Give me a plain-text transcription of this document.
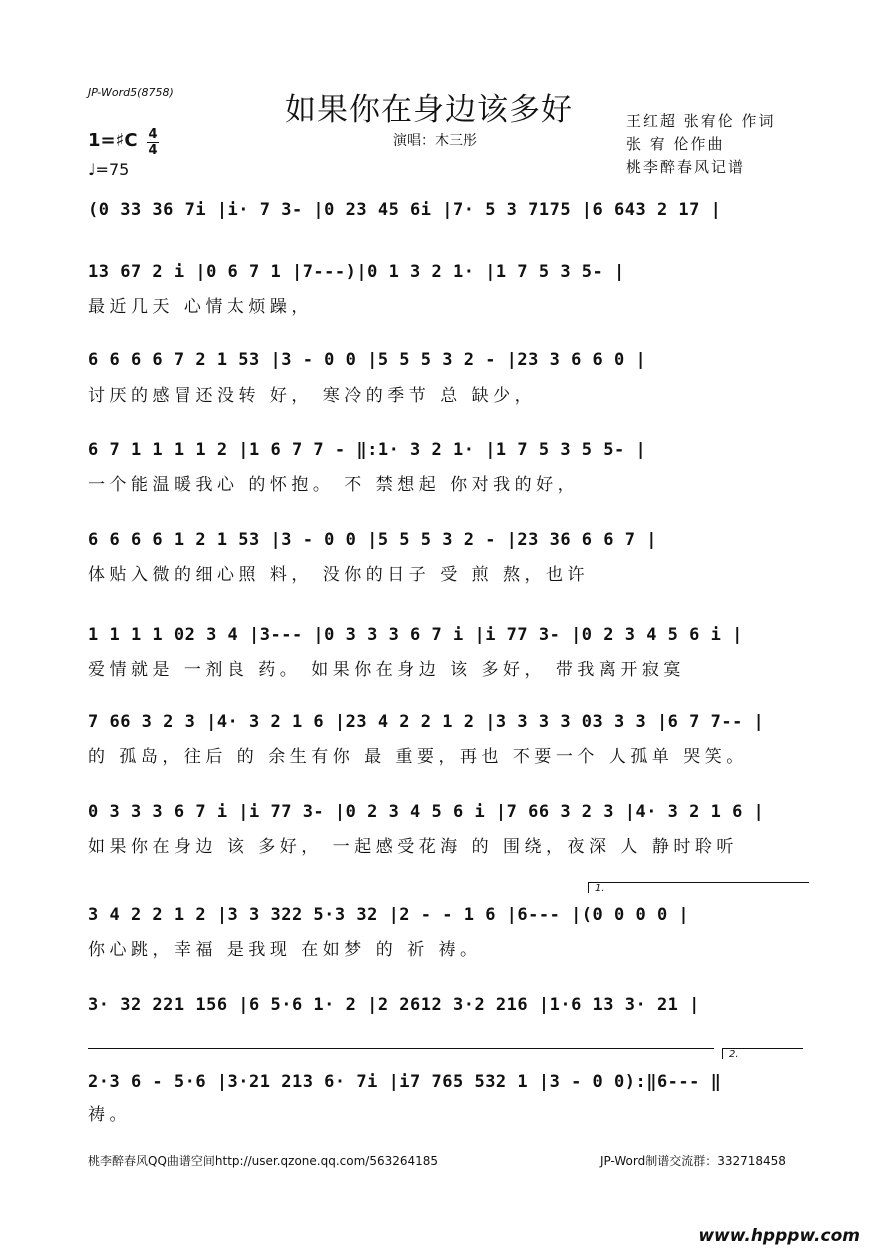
JP-Word5(8758)	如果你在身边该多好
演唱：木三彤
王红超 张宥伦 作词
张 宥 伦作曲
桃李醉春风记谱
1=♯C 4
4
♩=75
(0 33 36 7i |i· 7 3- |0 23 45 6i |7· 5 3 7175 |6 643 2 17 |
13 67 2 i |0 6 7 1 |7---)|0 1 3 2 1· |1 7 5 3 5- |
最近几天 心情太烦躁，
6 6 6 6 7 2 1 53 |3 - 0 0 |5 5 5 3 2 - |23 3 6 6 0 |
讨厌的感冒还没转 好， 寒冷的季节 总 缺少，
6 7 1 1 1 1 2 |1 6 7 7 - ‖:1· 3 2 1· |1 7 5 3 5 5- |
一个能温暖我心 的怀抱。 不 禁想起 你对我的好，
6 6 6 6 1 2 1 53 |3 - 0 0 |5 5 5 3 2 - |23 36 6 6 7 |
体贴入微的细心照 料， 没你的日子 受 煎 熬，也许
1 1 1 1 02 3 4 |3--- |0 3 3 3 6 7 i |i 77 3- |0 2 3 4 5 6 i |
爱情就是 一剂良 药。 如果你在身边 该 多好， 带我离开寂寞
7 66 3 2 3 |4· 3 2 1 6 |23 4 2 2 1 2 |3 3 3 3 03 3 3 |6 7 7-- |
的 孤岛，往后 的 余生有你 最 重要，再也 不要一个 人孤单 哭笑。
0 3 3 3 6 7 i |i 77 3- |0 2 3 4 5 6 i |7 66 3 2 3 |4· 3 2 1 6 |
如果你在身边 该 多好， 一起感受花海 的 围绕，夜深 人 静时聆听
1.
3 4 2 2 1 2 |3 3 322 5·3 32 |2 - - 1 6 |6--- |(0 0 0 0 |
你心跳，幸福 是我现 在如梦 的 祈 祷。
3· 32 221 156 |6 5·6 1· 2 |2 2612 3·2 216 |1·6 13 3· 21 |
2.
2·3 6 - 5·6 |3·21 213 6· 7i |i7 765 532 1 |3 - 0 0):‖6--- ‖
祷。
桃李醉春风QQ曲谱空间http://user.qzone.qq.com/563264185	JP-Word制谱交流群：332718458
www.hpppw.com
